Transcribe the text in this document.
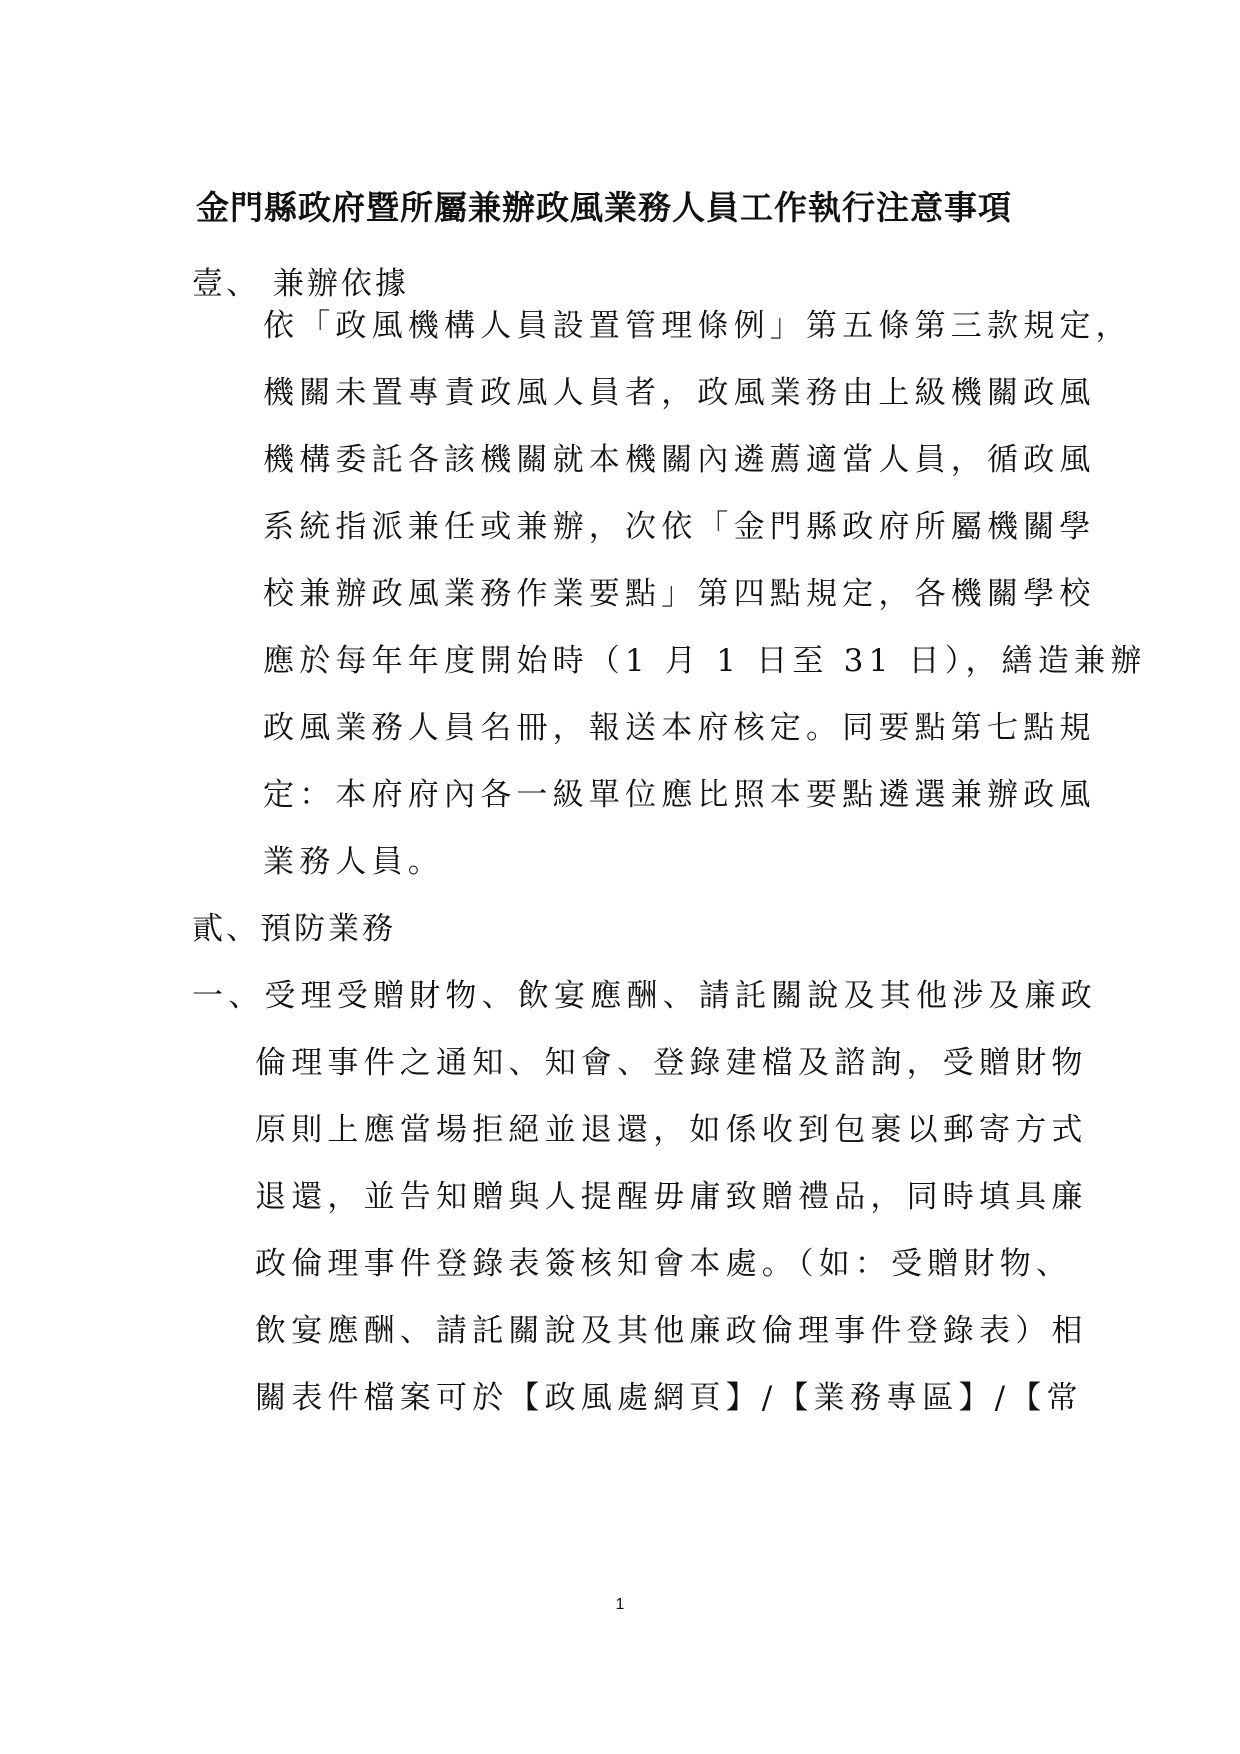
金門縣政府暨所屬兼辦政風業務人員工作執行注意事項
壹、 兼辦依據
依「政風機構人員設置管理條例」第五條第三款規定，
機關未置專責政風人員者，政風業務由上級機關政風
機構委託各該機關就本機關內遴薦適當人員，循政風
系統指派兼任或兼辦，次依「金門縣政府所屬機關學
校兼辦政風業務作業要點」第四點規定，各機關學校
應於每年年度開始時（1 月 1 日至 31 日），繕造兼辦
政風業務人員名冊，報送本府核定。同要點第七點規
定：本府府內各一級單位應比照本要點遴選兼辦政風
業務人員。
貳、預防業務
一、受理受贈財物、飲宴應酬、請託關說及其他涉及廉政
倫理事件之通知、知會、登錄建檔及諮詢，受贈財物
原則上應當場拒絕並退還，如係收到包裹以郵寄方式
退還，並告知贈與人提醒毋庸致贈禮品，同時填具廉
政倫理事件登錄表簽核知會本處。（如：受贈財物、
飲宴應酬、請託關說及其他廉政倫理事件登錄表）相
關表件檔案可於【政風處網頁】/【業務專區】/【常
1
